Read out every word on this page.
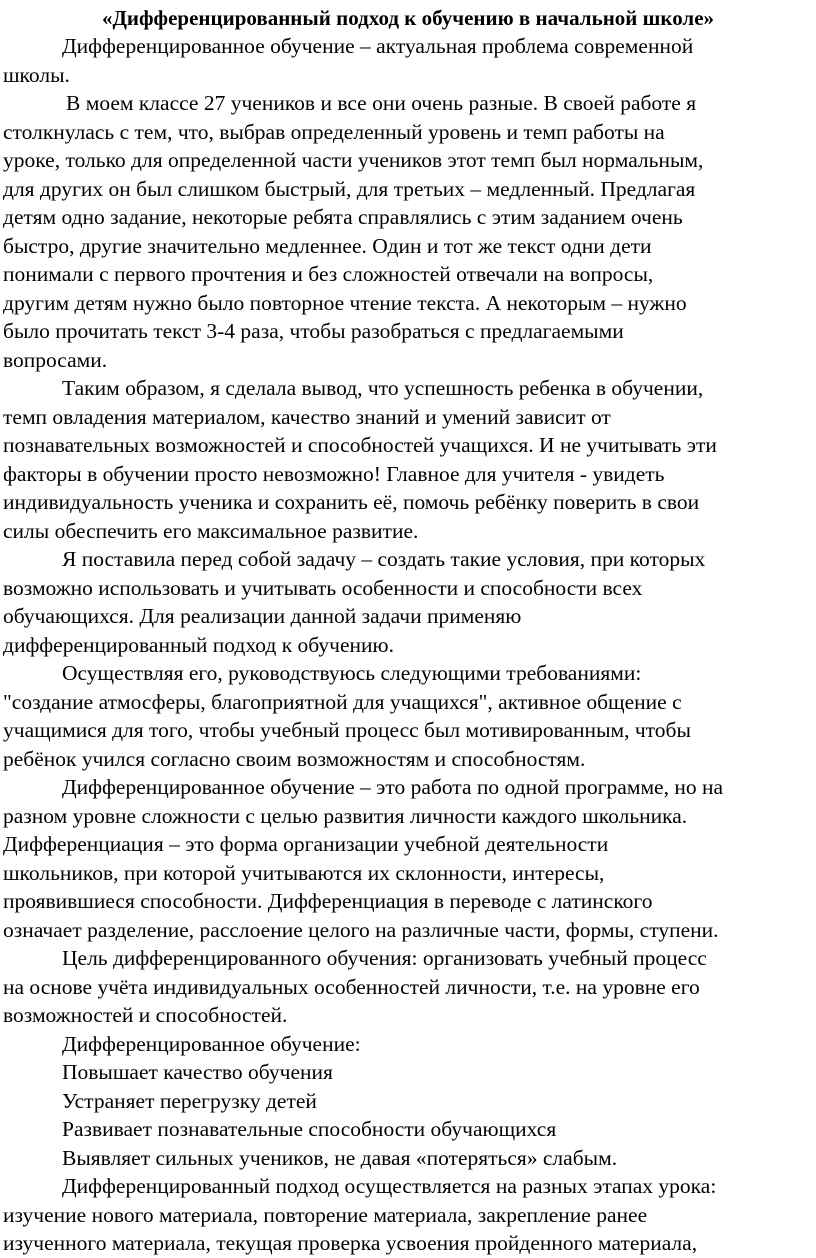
«Дифференцированный подход к обучению в начальной школе»

Дифференцированное обучение – актуальная проблема современной
школы.
В моем классе 27 учеников и все они очень разные. В своей работе я
столкнулась с тем, что, выбрав определенный уровень и темп работы на
уроке, только для определенной части учеников этот темп был нормальным,
для других он был слишком быстрый, для третьих – медленный. Предлагая
детям одно задание, некоторые ребята справлялись с этим заданием очень
быстро, другие значительно медленнее. Один и тот же текст одни дети
понимали с первого прочтения и без сложностей отвечали на вопросы,
другим детям нужно было повторное чтение текста. А некоторым – нужно
было прочитать текст 3-4 раза, чтобы разобраться с предлагаемыми
вопросами.
Таким образом, я сделала вывод, что успешность ребенка в обучении,
темп овладения материалом, качество знаний и умений зависит от
познавательных возможностей и способностей учащихся. И не учитывать эти
факторы в обучении просто невозможно! Главное для учителя - увидеть
индивидуальность ученика и сохранить её, помочь ребёнку поверить в свои
силы обеспечить его максимальное развитие.
Я поставила перед собой задачу – создать такие условия, при которых
возможно использовать и учитывать особенности и способности всех
обучающихся. Для реализации данной задачи применяю
дифференцированный подход к обучению.
Осуществляя его, руководствуюсь следующими требованиями:
"создание атмосферы, благоприятной для учащихся", активное общение с
учащимися для того, чтобы учебный процесс был мотивированным, чтобы
ребёнок учился согласно своим возможностям и способностям.
Дифференцированное обучение – это работа по одной программе, но на
разном уровне сложности с целью развития личности каждого школьника.
Дифференциация – это форма организации учебной деятельности
школьников, при которой учитываются их склонности, интересы,
проявившиеся способности. Дифференциация в переводе с латинского
означает разделение, расслоение целого на различные части, формы, ступени.
Цель дифференцированного обучения: организовать учебный процесс
на основе учёта индивидуальных особенностей личности, т.е. на уровне его
возможностей и способностей.
Дифференцированное обучение:
Повышает качество обучения
Устраняет перегрузку детей
Развивает познавательные способности обучающихся
Выявляет сильных учеников, не давая «потеряться» слабым.
Дифференцированный подход осуществляется на разных этапах урока:
изучение нового материала, повторение материала, закрепление ранее
изученного материала, текущая проверка усвоения пройденного материала,
